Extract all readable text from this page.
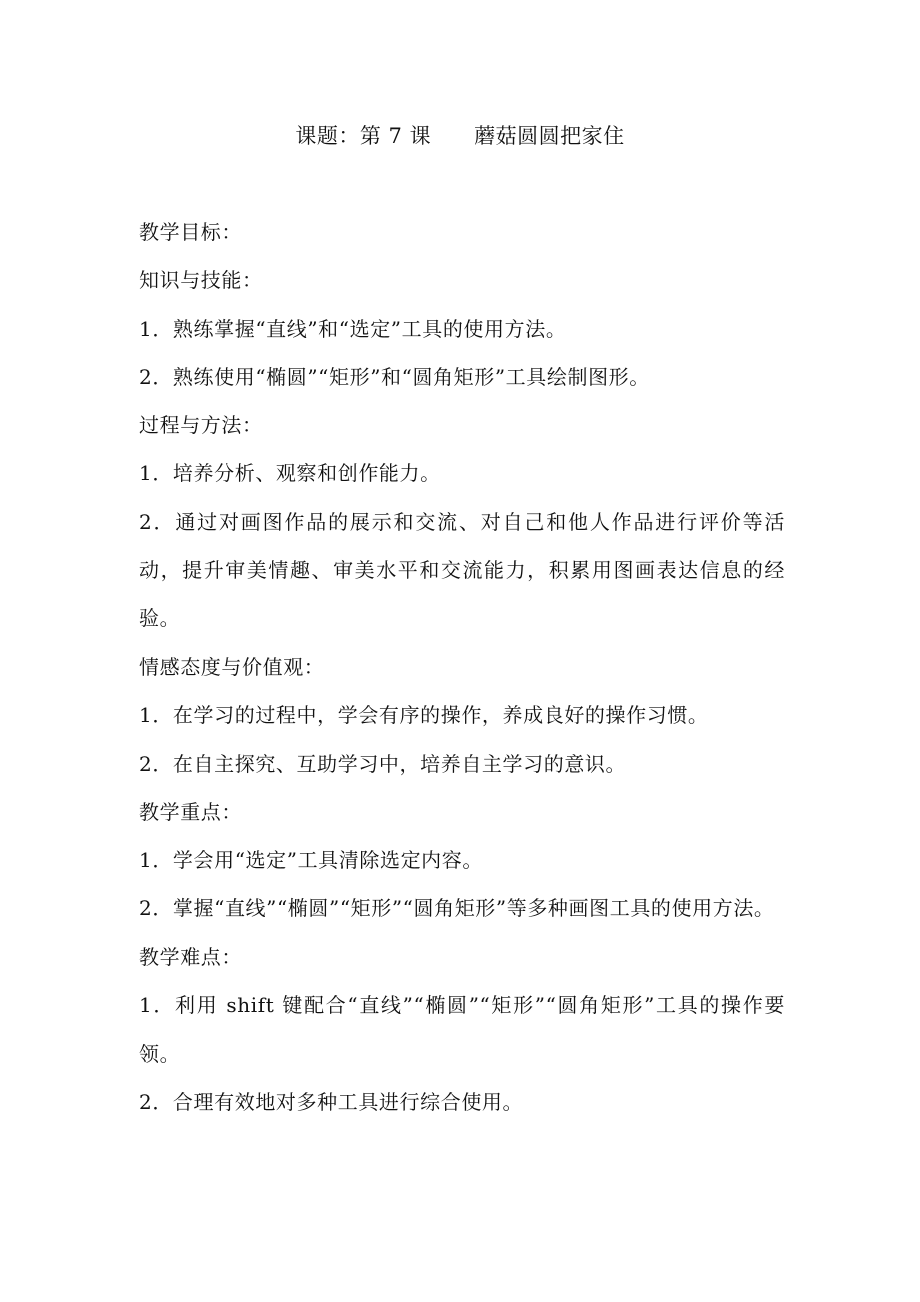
课题：第 7 课      蘑菇圆圆把家住
教学目标：
知识与技能：
1．熟练掌握“直线”和“选定”工具的使用方法。
2．熟练使用“椭圆”“矩形”和“圆角矩形”工具绘制图形。
过程与方法：
1．培养分析、观察和创作能力。
2．通过对画图作品的展示和交流、对自己和他人作品进行评价等活动，提升审美情趣、审美水平和交流能力，积累用图画表达信息的经验。
情感态度与价值观：
1．在学习的过程中，学会有序的操作，养成良好的操作习惯。
2．在自主探究、互助学习中，培养自主学习的意识。
教学重点：
1．学会用“选定”工具清除选定内容。
2．掌握“直线”“椭圆”“矩形”“圆角矩形”等多种画图工具的使用方法。
教学难点：
1．利用 shift 键配合“直线”“椭圆”“矩形”“圆角矩形”工具的操作要领。
2．合理有效地对多种工具进行综合使用。
